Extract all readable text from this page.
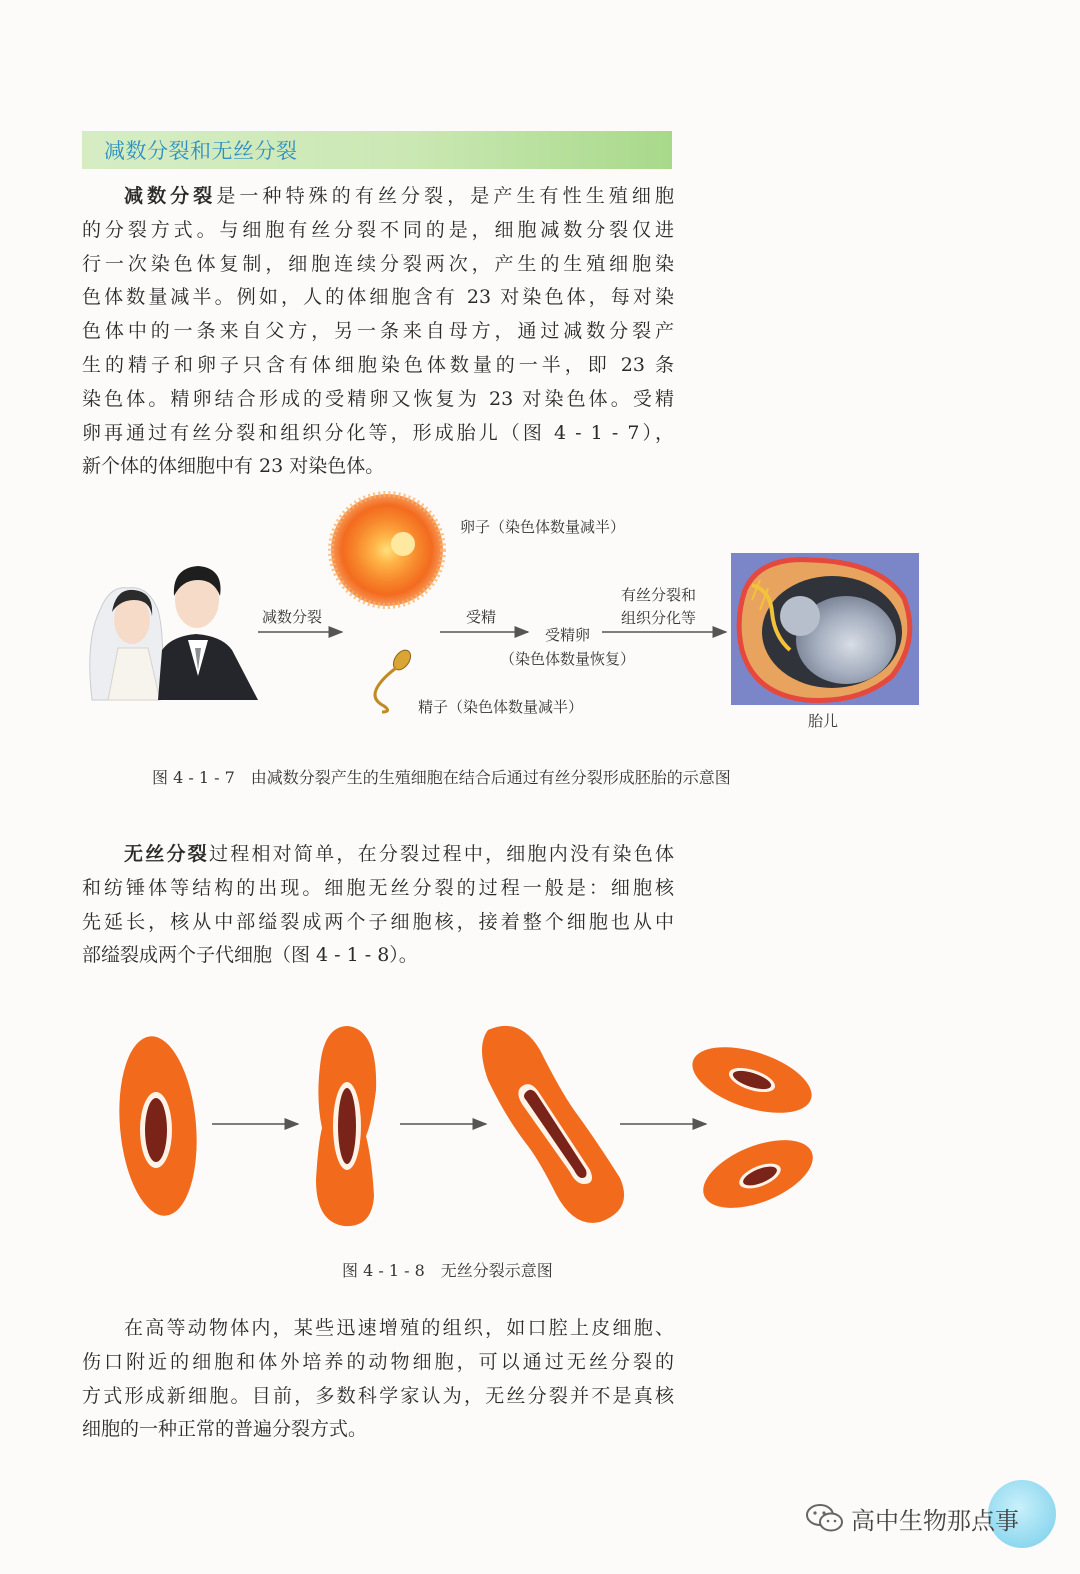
减数分裂和无丝分裂
减数分裂是一种特殊的有丝分裂，是产生有性生殖细胞
的分裂方式。与细胞有丝分裂不同的是，细胞减数分裂仅进
行一次染色体复制，细胞连续分裂两次，产生的生殖细胞染
色体数量减半。例如，人的体细胞含有 23 对染色体，每对染
色体中的一条来自父方，另一条来自母方，通过减数分裂产
生的精子和卵子只含有体细胞染色体数量的一半，即 23 条
染色体。精卵结合形成的受精卵又恢复为 23 对染色体。受精
卵再通过有丝分裂和组织分化等，形成胎儿（图 4 - 1 - 7），
新个体的体细胞中有 23 对染色体。
卵子（染色体数量减半）
减数分裂	受精
受精卵
（染色体数量恢复）
有丝分裂和
组织分化等
精子（染色体数量减半）
胎儿
图 4 - 1 - 7　由减数分裂产生的生殖细胞在结合后通过有丝分裂形成胚胎的示意图
无丝分裂过程相对简单，在分裂过程中，细胞内没有染色体
和纺锤体等结构的出现。细胞无丝分裂的过程一般是：细胞核
先延长，核从中部缢裂成两个子细胞核，接着整个细胞也从中
部缢裂成两个子代细胞（图 4 - 1 - 8）。
图 4 - 1 - 8　无丝分裂示意图
在高等动物体内，某些迅速增殖的组织，如口腔上皮细胞、
伤口附近的细胞和体外培养的动物细胞，可以通过无丝分裂的
方式形成新细胞。目前，多数科学家认为，无丝分裂并不是真核
细胞的一种正常的普遍分裂方式。
高中生物那点事
